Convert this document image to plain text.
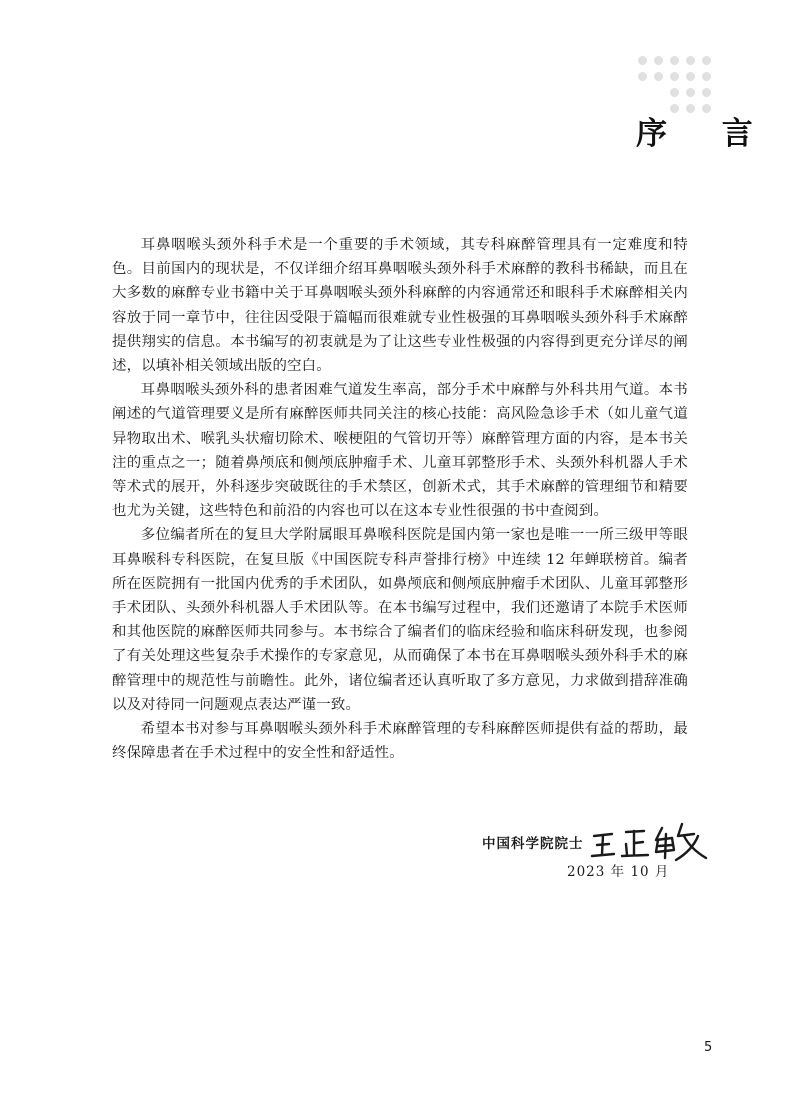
序 言

耳鼻咽喉头颈外科手术是一个重要的手术领域，其专科麻醉管理具有一定难度和特色。目前国内的现状是，不仅详细介绍耳鼻咽喉头颈外科手术麻醉的教科书稀缺，而且在大多数的麻醉专业书籍中关于耳鼻咽喉头颈外科麻醉的内容通常还和眼科手术麻醉相关内容放于同一章节中，往往因受限于篇幅而很难就专业性极强的耳鼻咽喉头颈外科手术麻醉提供翔实的信息。本书编写的初衷就是为了让这些专业性极强的内容得到更充分详尽的阐述，以填补相关领域出版的空白。

耳鼻咽喉头颈外科的患者困难气道发生率高，部分手术中麻醉与外科共用气道。本书阐述的气道管理要义是所有麻醉医师共同关注的核心技能：高风险急诊手术（如儿童气道异物取出术、喉乳头状瘤切除术、喉梗阻的气管切开等）麻醉管理方面的内容，是本书关注的重点之一；随着鼻颅底和侧颅底肿瘤手术、儿童耳郭整形手术、头颈外科机器人手术等术式的展开，外科逐步突破既往的手术禁区，创新术式，其手术麻醉的管理细节和精要也尤为关键，这些特色和前沿的内容也可以在这本专业性很强的书中查阅到。

多位编者所在的复旦大学附属眼耳鼻喉科医院是国内第一家也是唯一一所三级甲等眼耳鼻喉科专科医院，在复旦版《中国医院专科声誉排行榜》中连续 12 年蝉联榜首。编者所在医院拥有一批国内优秀的手术团队，如鼻颅底和侧颅底肿瘤手术团队、儿童耳郭整形手术团队、头颈外科机器人手术团队等。在本书编写过程中，我们还邀请了本院手术医师和其他医院的麻醉医师共同参与。本书综合了编者们的临床经验和临床科研发现，也参阅了有关处理这些复杂手术操作的专家意见，从而确保了本书在耳鼻咽喉头颈外科手术的麻醉管理中的规范性与前瞻性。此外，诸位编者还认真听取了多方意见，力求做到措辞准确以及对待同一问题观点表达严谨一致。

希望本书对参与耳鼻咽喉头颈外科手术麻醉管理的专科麻醉医师提供有益的帮助，最终保障患者在手术过程中的安全性和舒适性。

中国科学院院士
2023 年 10 月
5
